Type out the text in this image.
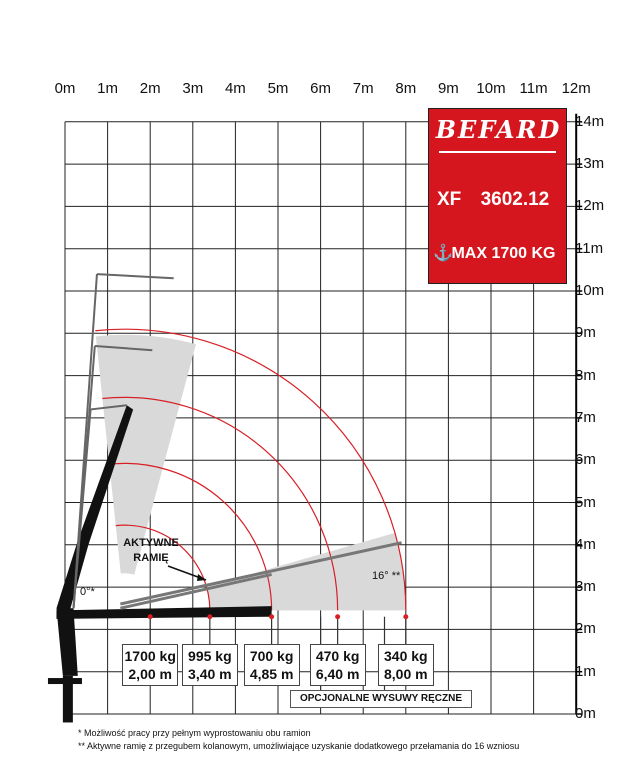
0m	1m	2m	3m	4m	5m	6m	7m	8m	9m	10m 11m 12m
0m
1m
2m
3m
4m
5m
6m
7m
8m
9m
10m
11m
12m
13m
14m
BEFARD
XF 3602.12
⚓ MAX 1700 KG
AKTYWNE RAMIĘ
0°*
16° **
1700 kg
2,00 m
995 kg
3,40 m
700 kg
4,85 m
470 kg
6,40 m
340 kg
8,00 m
OPCJONALNE WYSUWY RĘCZNE
* Możliwość pracy przy pełnym wyprostowaniu obu ramion
** Aktywne ramię z przegubem kolanowym, umożliwiające uzyskanie dodatkowego przełamania do 16 wzniosu
